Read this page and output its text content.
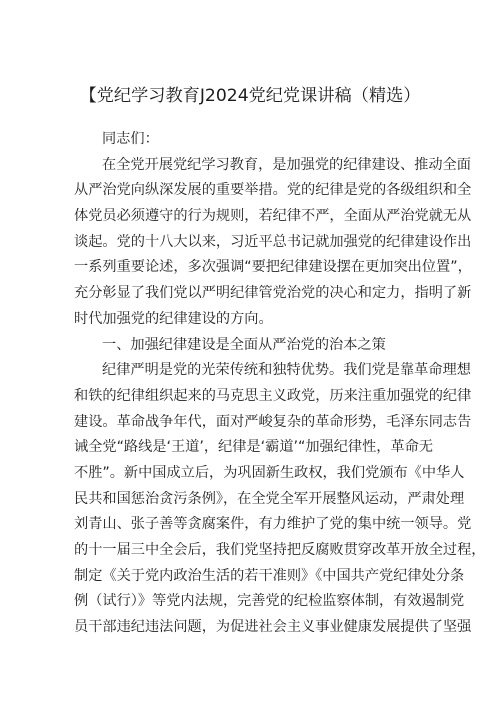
【党纪学习教育J2024党纪党课讲稿（精选）
同志们：
在全党开展党纪学习教育，是加强党的纪律建设、推动全面
从严治党向纵深发展的重要举措。党的纪律是党的各级组织和全
体党员必须遵守的行为规则，若纪律不严，全面从严治党就无从
谈起。党的十八大以来，习近平总书记就加强党的纪律建设作出
一系列重要论述，多次强调“要把纪律建设摆在更加突出位置”，
充分彰显了我们党以严明纪律管党治党的决心和定力，指明了新
时代加强党的纪律建设的方向。
一、加强纪律建设是全面从严治党的治本之策
纪律严明是党的光荣传统和独特优势。我们党是靠革命理想
和铁的纪律组织起来的马克思主义政党，历来注重加强党的纪律
建设。革命战争年代，面对严峻复杂的革命形势，毛泽东同志告
诫全党“路线是‘王道’，纪律是‘霸道’“加强纪律性，革命无
不胜”。新中国成立后，为巩固新生政权，我们党颁布《中华人
民共和国惩治贪污条例》，在全党全军开展整风运动，严肃处理
刘青山、张子善等贪腐案件，有力维护了党的集中统一领导。党
的十一届三中全会后，我们党坚持把反腐败贯穿改革开放全过程，
制定《关于党内政治生活的若干准则》《中国共产党纪律处分条
例（试行）》等党内法规，完善党的纪检监察体制，有效遏制党
员干部违纪违法问题，为促进社会主义事业健康发展提供了坚强
